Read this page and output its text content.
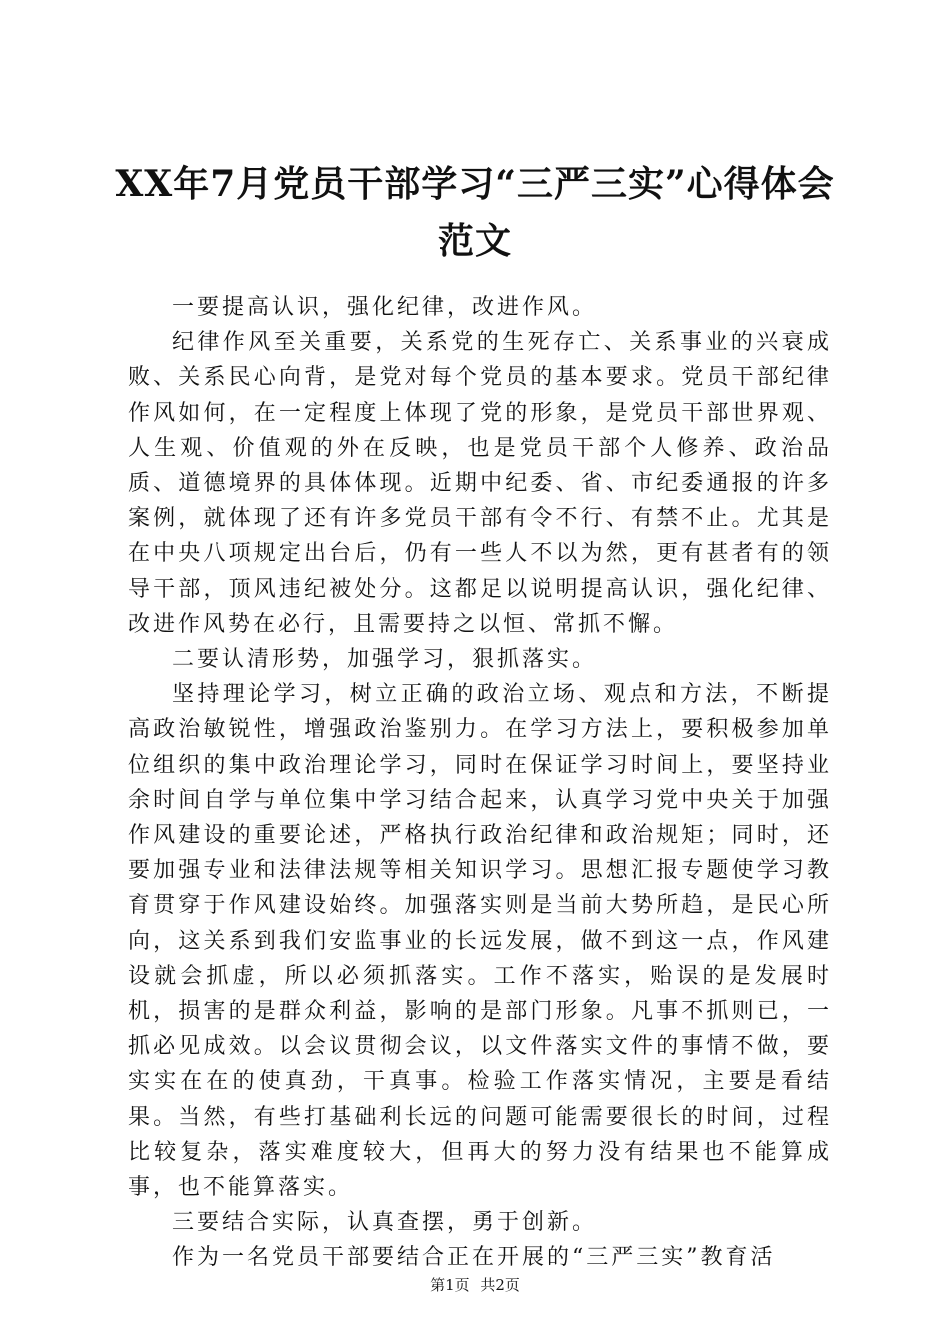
XX年7月党员干部学习“三严三实”心得体会
范文

一要提高认识，强化纪律，改进作风。

纪律作风至关重要，关系党的生死存亡、关系事业的兴衰成败、关系民心向背，是党对每个党员的基本要求。党员干部纪律作风如何，在一定程度上体现了党的形象，是党员干部世界观、人生观、价值观的外在反映，也是党员干部个人修养、政治品质、道德境界的具体体现。近期中纪委、省、市纪委通报的许多案例，就体现了还有许多党员干部有令不行、有禁不止。尤其是在中央八项规定出台后，仍有一些人不以为然，更有甚者有的领导干部，顶风违纪被处分。这都足以说明提高认识，强化纪律、改进作风势在必行，且需要持之以恒、常抓不懈。

二要认清形势，加强学习，狠抓落实。

坚持理论学习，树立正确的政治立场、观点和方法，不断提高政治敏锐性，增强政治鉴别力。在学习方法上，要积极参加单位组织的集中政治理论学习，同时在保证学习时间上，要坚持业余时间自学与单位集中学习结合起来，认真学习党中央关于加强作风建设的重要论述，严格执行政治纪律和政治规矩；同时，还要加强专业和法律法规等相关知识学习。思想汇报专题使学习教育贯穿于作风建设始终。加强落实则是当前大势所趋，是民心所向，这关系到我们安监事业的长远发展，做不到这一点，作风建设就会抓虚，所以必须抓落实。工作不落实，贻误的是发展时机，损害的是群众利益，影响的是部门形象。凡事不抓则已，一抓必见成效。以会议贯彻会议，以文件落实文件的事情不做，要实实在在的使真劲，干真事。检验工作落实情况，主要是看结果。当然，有些打基础利长远的问题可能需要很长的时间，过程比较复杂，落实难度较大，但再大的努力没有结果也不能算成事，也不能算落实。

三要结合实际，认真查摆，勇于创新。

作为一名党员干部要结合正在开展的“三严三实”教育活

第1页 共2页
